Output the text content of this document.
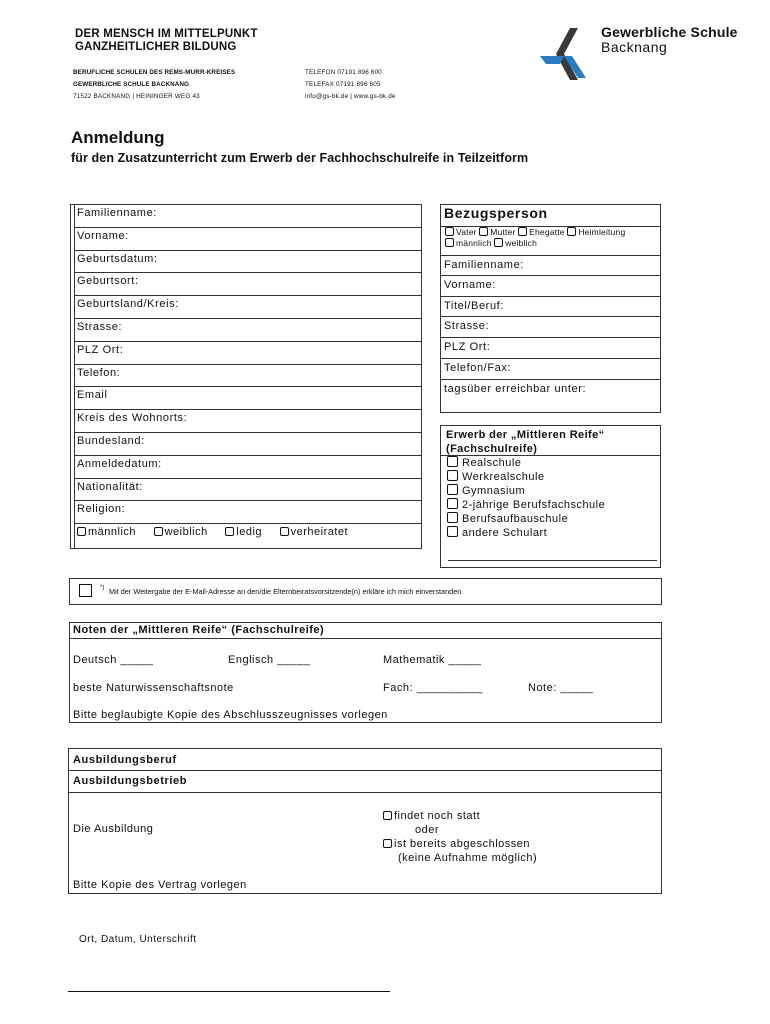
DER MENSCH IM MITTELPUNKT
GANZHEITLICHER BILDUNG
BERUFLICHE SCHULEN DES REMS-MURR-KREISES
GEWERBLICHE SCHULE BACKNANG
71522 BACKNANG | HEININGER WEG 43
TELEFON 07191 896 600
TELEFAX 07191 896 605
info@gs-bk.de | www.gs-bk.de
Gewerbliche Schule
Backnang
Anmeldung
für den Zusatzunterricht zum Erwerb der Fachhochschulreife in Teilzeitform
Familienname:
Vorname:
Geburtsdatum:
Geburtsort:
Geburtsland/Kreis:
Strasse:
PLZ Ort:
Telefon:
Email
Kreis des Wohnorts:
Bundesland:
Anmeldedatum:
Nationalität:
Religion:
männlich	weiblich	ledig	verheiratet
Bezugsperson
Vater Mutter Ehegatte Heimleitung
männlich weiblich
Familienname:
Vorname:
Titel/Beruf:
Strasse:
PLZ Ort:
Telefon/Fax:
tagsüber erreichbar unter:
Erwerb der „Mittleren Reife“
(Fachschulreife)
Realschule
Werkrealschule
Gymnasium
2-jährige Berufsfachschule
Berufsaufbauschule
andere Schulart
*) Mit der Weitergabe der E-Mail-Adresse an den/die Elternbeiratsvorsitzende(n) erkläre ich mich einverstanden.
Noten der „Mittleren Reife“ (Fachschulreife)
Deutsch _____	Englisch _____	Mathematik _____
beste Naturwissenschaftsnote	Fach: __________	Note: _____
Bitte beglaubigte Kopie des Abschlusszeugnisses vorlegen
Ausbildungsberuf
Ausbildungsbetrieb
Die Ausbildung
findet noch statt
oder
ist bereits abgeschlossen
(keine Aufnahme möglich)
Bitte Kopie des Vertrag vorlegen
Ort, Datum, Unterschrift
